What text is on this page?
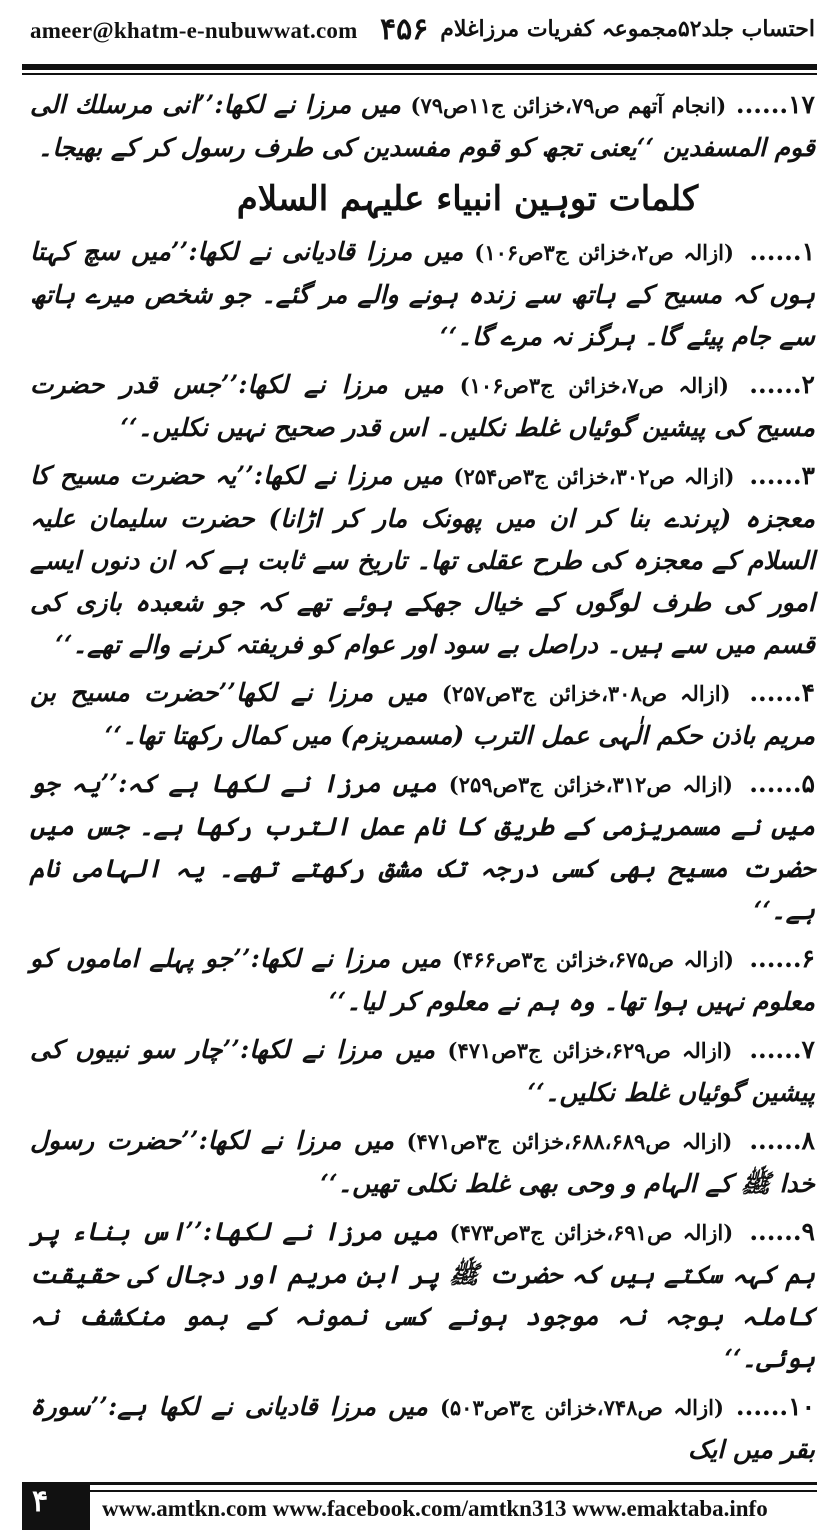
ameer@khatm-e-nubuwwat.com ۴۵۶ احتساب جلد۵۲مجموعہ کفریات مرزاغلام

۱۷...... (انجام آتھم ص۷۹،خزائن ج۱۱ص۷۹) میں مرزا نے لکھا:’’انی مرسلك الی قوم المسفدین ‘‘یعنی تجھ کو قوم مفسدین کی طرف رسول کر کے بھیجا۔

کلمات توہین انبیاء علیہم السلام

۱...... (ازالہ ص۲،خزائن ج۳ص۱۰۶) میں مرزا قادیانی نے لکھا:’’میں سچ کہتا ہوں کہ مسیح کے ہاتھ سے زندہ ہونے والے مر گئے۔ جو شخص میرے ہاتھ سے جام پیئے گا۔ ہرگز نہ مرے گا۔‘‘

۲...... (ازالہ ص۷،خزائن ج۳ص۱۰۶) میں مرزا نے لکھا:’’جس قدر حضرت مسیح کی پیشین گوئیاں غلط نکلیں۔ اس قدر صحیح نہیں نکلیں۔‘‘

۳...... (ازالہ ص۳۰۲،خزائن ج۳ص۲۵۴) میں مرزا نے لکھا:’’یہ حضرت مسیح کا معجزہ (پرندے بنا کر ان میں پھونک مار کر اڑانا) حضرت سلیمان علیہ السلام کے معجزہ کی طرح عقلی تھا۔ تاریخ سے ثابت ہے کہ ان دنوں ایسے امور کی طرف لوگوں کے خیال جھکے ہوئے تھے کہ جو شعبدہ بازی کی قسم میں سے ہیں۔ دراصل بے سود اور عوام کو فریفتہ کرنے والے تھے۔‘‘

۴...... (ازالہ ص۳۰۸،خزائن ج۳ص۲۵۷) میں مرزا نے لکھا’’حضرت مسیح بن مریم باذن حکم الٰہی عمل الترب (مسمریزم) میں کمال رکھتا تھا۔‘‘

۵...... (ازالہ ص۳۱۲،خزائن ج۳ص۲۵۹) میں مرزا نے لکھا ہے کہ:’’یہ جو میں نے مسمریزمی کے طریق کا نام عمل الترب رکھا ہے۔ جس میں حضرت مسیح بھی کسی درجہ تک مشق رکھتے تھے۔ یہ الہامی نام ہے۔‘‘

۶...... (ازالہ ص۶۷۵،خزائن ج۳ص۴۶۶) میں مرزا نے لکھا:’’جو پہلے اماموں کو معلوم نہیں ہوا تھا۔ وہ ہم نے معلوم کر لیا۔‘‘

۷...... (ازالہ ص۶۲۹،خزائن ج۳ص۴۷۱) میں مرزا نے لکھا:’’چار سو نبیوں کی پیشین گوئیاں غلط نکلیں۔‘‘

۸...... (ازالہ ص۶۸۸،۶۸۹،خزائن ج۳ص۴۷۱) میں مرزا نے لکھا:’’حضرت رسول خدا ﷺ کے الہام و وحی بھی غلط نکلی تھیں۔‘‘

۹...... (ازالہ ص۶۹۱،خزائن ج۳ص۴۷۳) میں مرزا نے لکھا:’’اس بناء پر ہم کہہ سکتے ہیں کہ حضرت ﷺ پر ابن مریم اور دجال کی حقیقت کاملہ بوجہ نہ موجود ہونے کسی نمونہ کے بمو منکشف نہ ہوئی۔‘‘

۱۰...... (ازالہ ص۷۴۸،خزائن ج۳ص۵۰۳) میں مرزا قادیانی نے لکھا ہے:’’سورۃ بقر میں ایک

۴ www.amtkn.com www.facebook.com/amtkn313 www.emaktaba.info
